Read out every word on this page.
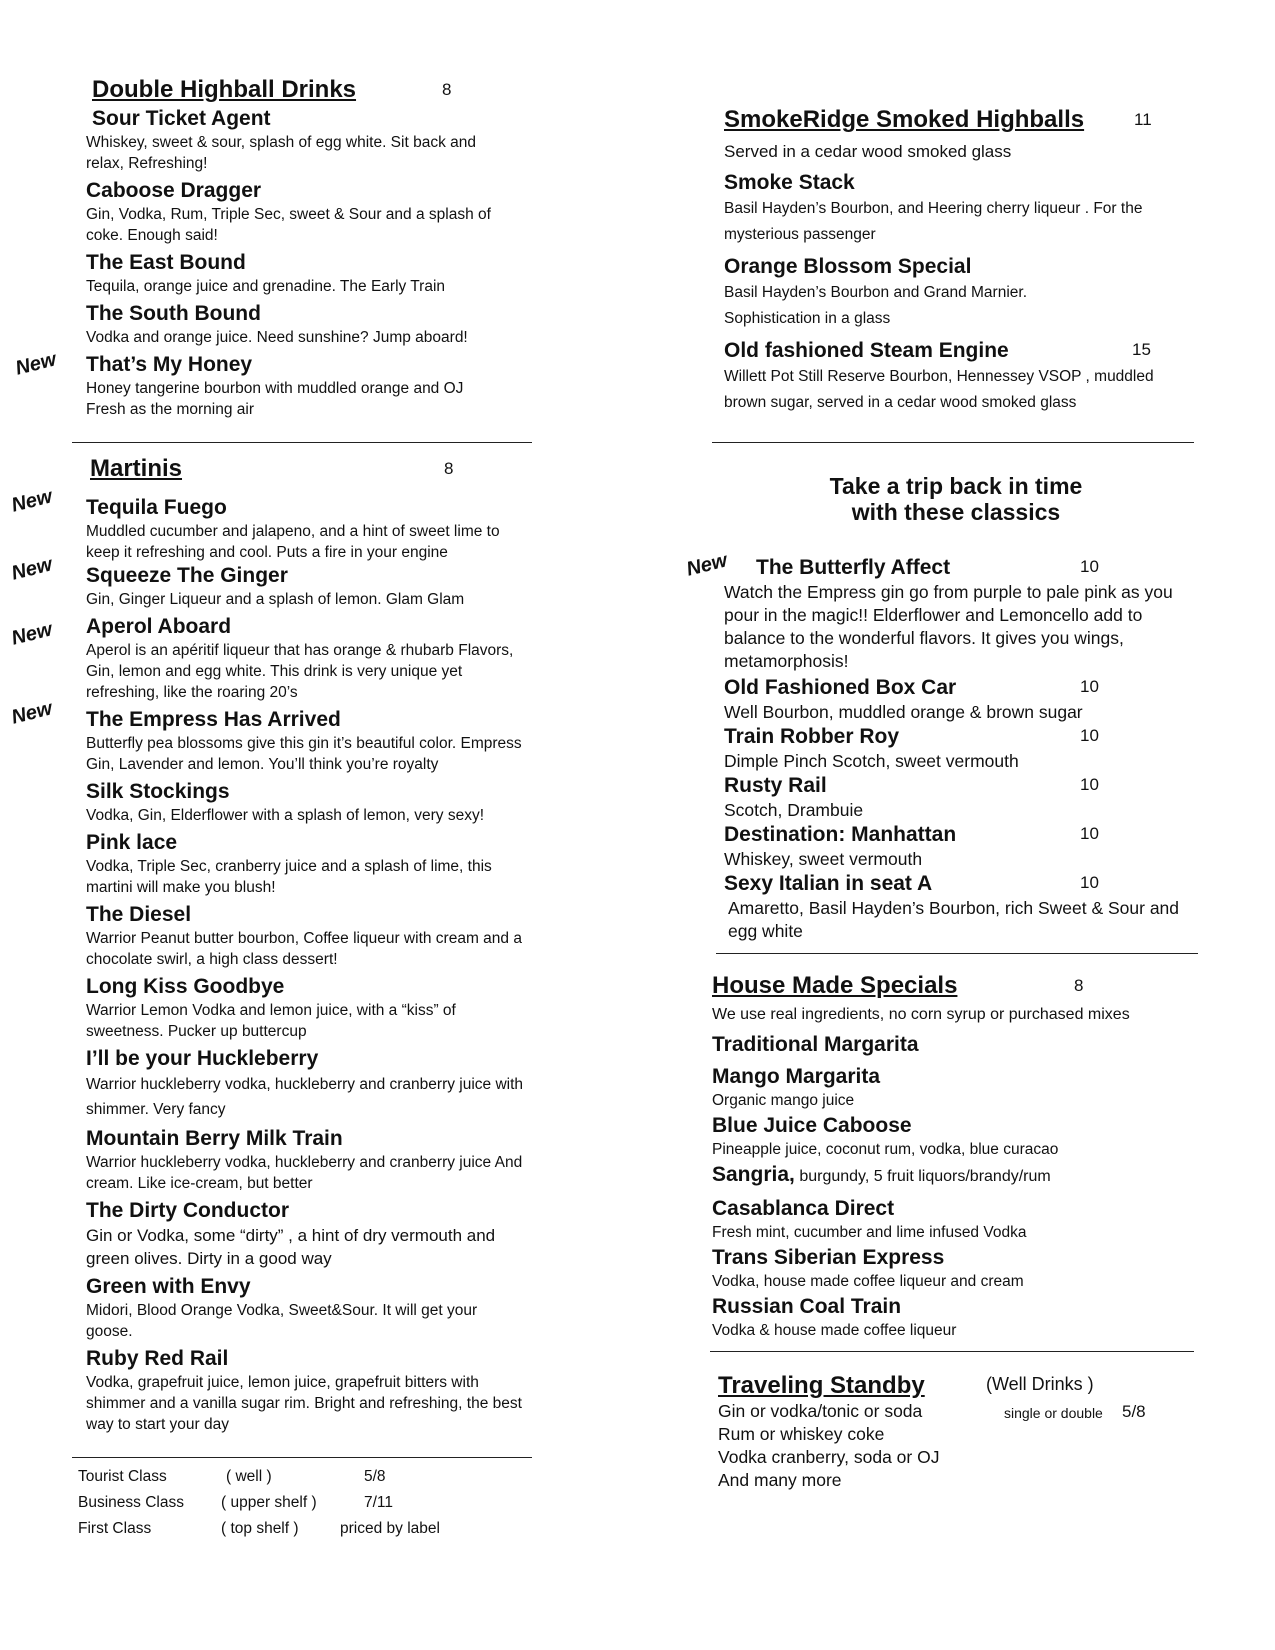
Double Highball Drinks	8
Sour Ticket Agent
Whiskey, sweet & sour, splash of egg white. Sit back and relax, Refreshing!
Caboose Dragger
Gin, Vodka, Rum, Triple Sec, sweet & Sour and a splash of coke. Enough said!
The East Bound
Tequila, orange juice and grenadine. The Early Train
The South Bound
Vodka and orange juice. Need sunshine? Jump aboard!
New That’s My Honey
Honey tangerine bourbon with muddled orange and OJ Fresh as the morning air
Martinis	8
New Tequila Fuego
Muddled cucumber and jalapeno, and a hint of sweet lime to keep it refreshing and cool. Puts a fire in your engine
New Squeeze The Ginger
Gin, Ginger Liqueur and a splash of lemon. Glam Glam
New Aperol Aboard
Aperol is an apéritif liqueur that has orange & rhubarb Flavors, Gin, lemon and egg white. This drink is very unique yet refreshing, like the roaring 20’s
New The Empress Has Arrived
Butterfly pea blossoms give this gin it’s beautiful color. Empress Gin, Lavender and lemon. You’ll think you’re royalty
Silk Stockings
Vodka, Gin, Elderflower with a splash of lemon, very sexy!
Pink lace
Vodka, Triple Sec, cranberry juice and a splash of lime, this martini will make you blush!
The Diesel
Warrior Peanut butter bourbon, Coffee liqueur with cream and a chocolate swirl, a high class dessert!
Long Kiss Goodbye
Warrior Lemon Vodka and lemon juice, with a “kiss” of sweetness. Pucker up buttercup
I’ll be your Huckleberry
Warrior huckleberry vodka, huckleberry and cranberry juice with shimmer. Very fancy
Mountain Berry Milk Train
Warrior huckleberry vodka, huckleberry and cranberry juice And cream. Like ice-cream, but better
The Dirty Conductor
Gin or Vodka, some “dirty” , a hint of dry vermouth and green olives. Dirty in a good way
Green with Envy
Midori, Blood Orange Vodka, Sweet&Sour. It will get your goose.
Ruby Red Rail
Vodka, grapefruit juice, lemon juice, grapefruit bitters with shimmer and a vanilla sugar rim. Bright and refreshing, the best way to start your day
Tourist Class	( well )	5/8
Business Class ( upper shelf )	7/11
First Class	( top shelf )	priced by label
SmokeRidge Smoked Highballs	11
Served in a cedar wood smoked glass
Smoke Stack
Basil Hayden’s Bourbon, and Heering cherry liqueur . For the mysterious passenger
Orange Blossom Special
Basil Hayden’s Bourbon and Grand Marnier. Sophistication in a glass
Old fashioned Steam Engine	15
Willett Pot Still Reserve Bourbon, Hennessey VSOP , muddled brown sugar, served in a cedar wood smoked glass
Take a trip back in time
with these classics
New The Butterfly Affect	10
Watch the Empress gin go from purple to pale pink as you pour in the magic!! Elderflower and Lemoncello add to balance to the wonderful flavors. It gives you wings, metamorphosis!
Old Fashioned Box Car	10
Well Bourbon, muddled orange & brown sugar
Train Robber Roy	10
Dimple Pinch Scotch, sweet vermouth
Rusty Rail	10
Scotch, Drambuie
Destination: Manhattan	10
Whiskey, sweet vermouth
Sexy Italian in seat A	10
Amaretto, Basil Hayden’s Bourbon, rich Sweet & Sour and egg white
House Made Specials	8
We use real ingredients, no corn syrup or purchased mixes
Traditional Margarita
Mango Margarita
Organic mango juice
Blue Juice Caboose
Pineapple juice, coconut rum, vodka, blue curacao
Sangria, burgundy, 5 fruit liquors/brandy/rum
Casablanca Direct
Fresh mint, cucumber and lime infused Vodka
Trans Siberian Express
Vodka, house made coffee liqueur and cream
Russian Coal Train
Vodka & house made coffee liqueur
Traveling Standby	(Well Drinks )
single or double 5/8
Gin or vodka/tonic or soda
Rum or whiskey coke
Vodka cranberry, soda or OJ
And many more
